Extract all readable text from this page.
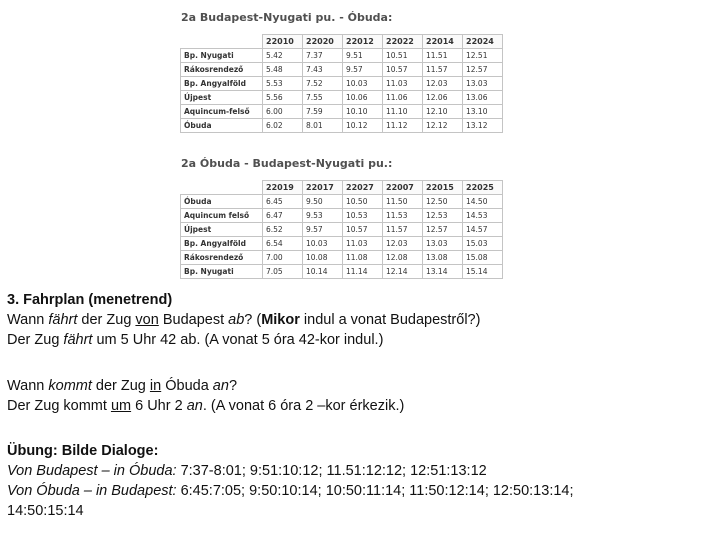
2a Budapest-Nyugati pu. - Óbuda:
	22010	22020	22012	22022	22014	22024
Bp. Nyugati	5.42	7.37	9.51	10.51	11.51	12.51
Rákosrendező	5.48	7.43	9.57	10.57	11.57	12.57
Bp. Angyalföld	5.53	7.52	10.03	11.03	12.03	13.03
Újpest	5.56	7.55	10.06	11.06	12.06	13.06
Aquincum-felső	6.00	7.59	10.10	11.10	12.10	13.10
Óbuda	6.02	8.01	10.12	11.12	12.12	13.12
2a Óbuda - Budapest-Nyugati pu.:
	22019	22017	22027	22007	22015	22025
Óbuda	6.45	9.50	10.50	11.50	12.50	14.50
Aquincum felső	6.47	9.53	10.53	11.53	12.53	14.53
Újpest	6.52	9.57	10.57	11.57	12.57	14.57
Bp. Angyalföld	6.54	10.03	11.03	12.03	13.03	15.03
Rákosrendező	7.00	10.08	11.08	12.08	13.08	15.08
Bp. Nyugati	7.05	10.14	11.14	12.14	13.14	15.14
3. Fahrplan (menetrend)
Wann fährt der Zug von Budapest ab? (Mikor indul a vonat Budapestről?)
Der Zug fährt um 5 Uhr 42 ab. (A vonat 5 óra 42-kor indul.)
Wann kommt der Zug in Óbuda an?
Der Zug kommt um 6 Uhr 2 an. (A vonat 6 óra 2 –kor érkezik.)
Übung: Bilde Dialoge:
Von Budapest – in Óbuda: 7:37-8:01; 9:51:10:12; 11.51:12:12; 12:51:13:12
Von Óbuda – in Budapest: 6:45:7:05; 9:50:10:14; 10:50:11:14; 11:50:12:14; 12:50:13:14;
14:50:15:14
